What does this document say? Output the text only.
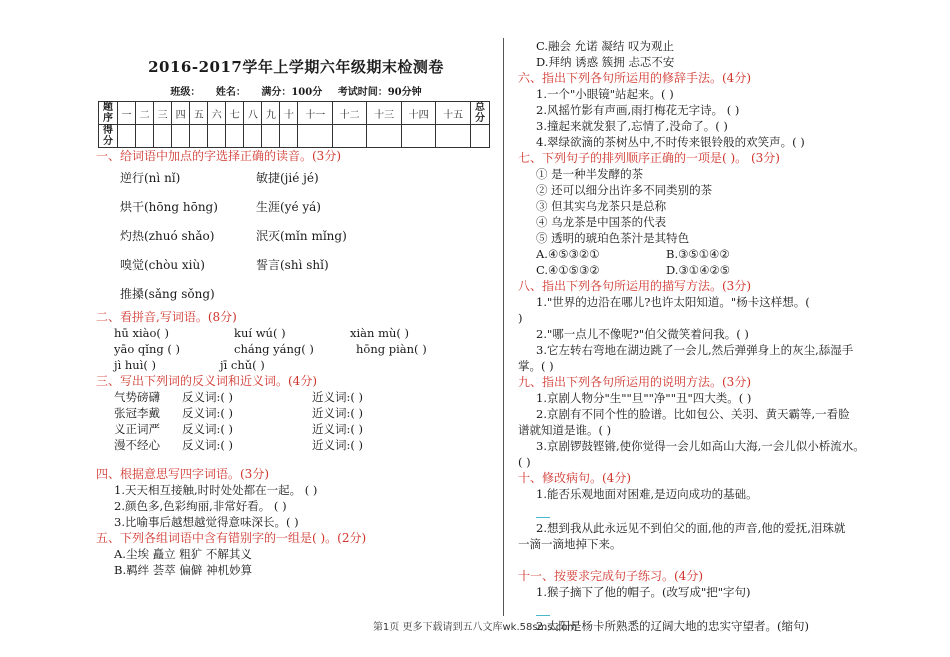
2016-2017学年上学期六年级期末检测卷
班级： 姓名： 满分：100分 考试时间：90分钟
题序	一	二	三	四	五	六	七	八	九	十	十一	十二	十三	十四	十五	总分
得分																
一、给词语中加点的字选择正确的读音。(3分)
逆行(nì nǐ)	敏捷(jié jé)
烘干(hōng hōng)	生涯(yé yá)
灼热(zhuó shǎo)	泯灭(mǐn mǐng)
嗅觉(chòu xiù)	誓言(shì shǐ)
推搡(sǎng sǒng)
二、看拼音,写词语。(8分)
hū xiào( )	kuí wú( )	xiàn mù( )
yāo qǐng ( )	cháng yáng( )	hōng piàn( )
jì huì( )	jī chǔ( )
三、写出下列词的反义词和近义词。(4分)
气势磅礴 反义词:( )	近义词:( )
张冠李戴 反义词:( )	近义词:( )
义正词严 反义词:( )	近义词:( )
漫不经心 反义词:( )	近义词:( )
四、根据意思写四字词语。(3分)
1.天天相互接触,时时处处都在一起。 ( )
2.颜色多,色彩绚丽,非常好看。 ( )
3.比喻事后越想越觉得意味深长。( )
五、下列各组词语中含有错别字的一组是( )。(2分)
A.尘埃 矗立 粗犷 不解其义
B.羁绊 荟萃 偏僻 神机妙算
C.融会 允诺 凝结 叹为观止
D.拜纳 诱惑 簇拥 忐忑不安
六、指出下列各句所运用的修辞手法。(4分)
1.一个"小眼镜"站起来。( )
2.风摇竹影有声画,雨打梅花无字诗。 ( )
3.撞起来就发狠了,忘情了,没命了。( )
4.翠绿欲滴的茶树丛中,不时传来银铃般的欢笑声。( )
七、下列句子的排列顺序正确的一项是( )。 (3分)
① 是一种半发酵的茶
② 还可以细分出许多不同类别的茶
③ 但其实乌龙茶只是总称
④ 乌龙茶是中国茶的代表
⑤ 透明的琥珀色茶汁是其特色
A.④⑤③②①	B.③⑤①④②
C.④①⑤③②	D.③①④②⑤
八、指出下列各句所运用的描写方法。(3分)
1."世界的边沿在哪儿?也许太阳知道。"杨卡这样想。(
)
2."哪一点儿不像呢?"伯父微笑着问我。( )
3.它左转右弯地在湖边跳了一会儿,然后弹弹身上的灰尘,舔湿手
掌。( )
九、指出下列各句所运用的说明方法。(3分)
1.京剧人物分"生""旦""净""丑"四大类。( )
2.京剧有不同个性的脸谱。比如包公、关羽、黄天霸等,一看脸
谱就知道是谁。( )
3.京剧锣鼓铿锵,使你觉得一会儿如高山大海,一会儿似小桥流水。
( )
十、修改病句。(4分)
1.能否乐观地面对困难,是迈向成功的基础。
2.想到我从此永远见不到伯父的面,他的声音,他的爱抚,泪珠就
一滴一滴地掉下来。
十一、按要求完成句子练习。(4分)
1.猴子摘下了他的帽子。(改写成"把"字句)
2.太阳是杨卡所熟悉的辽阔大地的忠实守望者。(缩句)
第1页 更多下载请到五八文库wk.58sms.com
